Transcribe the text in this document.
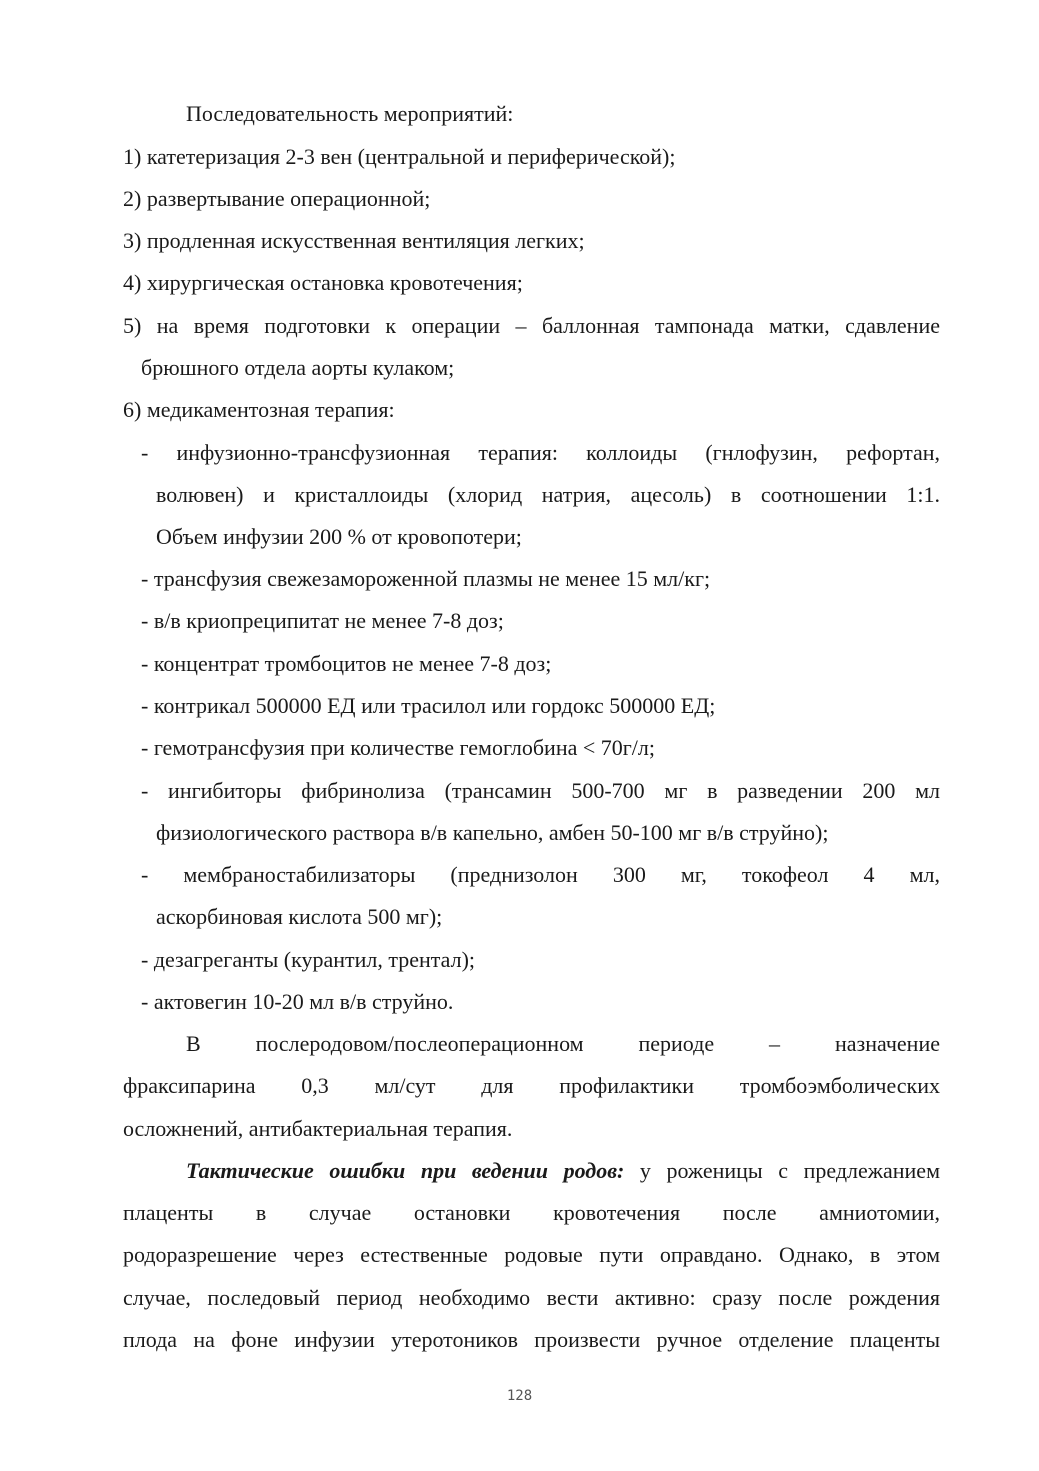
Последовательность мероприятий:
1) катетеризация 2-3 вен (центральной и периферической);
2) развертывание операционной;
3) продленная искусственная вентиляция легких;
4) хирургическая остановка кровотечения;
5) на время подготовки к операции – баллонная тампонада матки, сдавление
брюшного отдела аорты кулаком;
6) медикаментозная терапия:
- инфузионно-трансфузионная терапия: коллоиды (гнлофузин, рефортан,
волювен) и кристаллоиды (хлорид натрия, ацесоль) в соотношении 1:1.
Объем инфузии 200 % от кровопотери;
- трансфузия свежезамороженной плазмы не менее 15 мл/кг;
- в/в криопреципитат не менее 7-8 доз;
- концентрат тромбоцитов не менее 7-8 доз;
- контрикал 500000 ЕД или трасилол или гордокс 500000 ЕД;
- гемотрансфузия при количестве гемоглобина < 70г/л;
- ингибиторы фибринолиза (трансамин 500-700 мг в разведении 200 мл
физиологического раствора в/в капельно, амбен 50-100 мг в/в струйно);
- мембраностабилизаторы (преднизолон 300 мг, токофеол 4 мл,
аскорбиновая кислота 500 мг);
- дезагреганты (курантил, трентал);
- актовегин 10-20 мл в/в струйно.
В послеродовом/послеоперационном периоде – назначение
фраксипарина 0,3 мл/сут для профилактики тромбоэмболических
осложнений, антибактериальная терапия.
Тактические ошибки при ведении родов: у роженицы с предлежанием
плаценты в случае остановки кровотечения после амниотомии,
родоразрешение через естественные родовые пути оправдано. Однако, в этом
случае, последовый период необходимо вести активно: сразу после рождения
плода на фоне инфузии утеротоников произвести ручное отделение плаценты
128
